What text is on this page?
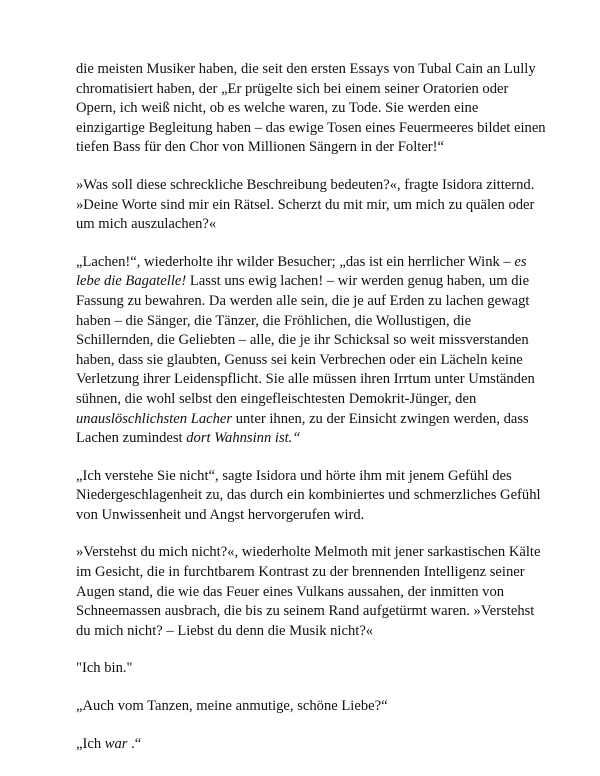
die meisten Musiker haben, die seit den ersten Essays von Tubal Cain an Lully chromatisiert haben, der „Er prügelte sich bei einem seiner Oratorien oder Opern, ich weiß nicht, ob es welche waren, zu Tode. Sie werden eine einzigartige Begleitung haben – das ewige Tosen eines Feuermeeres bildet einen tiefen Bass für den Chor von Millionen Sängern in der Folter!“

»Was soll diese schreckliche Beschreibung bedeuten?«, fragte Isidora zitternd. »Deine Worte sind mir ein Rätsel. Scherzt du mit mir, um mich zu quälen oder um mich auszulachen?«

„Lachen!“, wiederholte ihr wilder Besucher; „das ist ein herrlicher Wink – es lebe die Bagatelle! Lasst uns ewig lachen! – wir werden genug haben, um die Fassung zu bewahren. Da werden alle sein, die je auf Erden zu lachen gewagt haben – die Sänger, die Tänzer, die Fröhlichen, die Wollustigen, die Schillernden, die Geliebten – alle, die je ihr Schicksal so weit missverstanden haben, dass sie glaubten, Genuss sei kein Verbrechen oder ein Lächeln keine Verletzung ihrer Leidenspflicht. Sie alle müssen ihren Irrtum unter Umständen sühnen, die wohl selbst den eingefleischtesten Demokrit-Jünger, den unauslöschlichsten Lacher unter ihnen, zu der Einsicht zwingen werden, dass Lachen zumindest dort Wahnsinn ist.“

„Ich verstehe Sie nicht“, sagte Isidora und hörte ihm mit jenem Gefühl des Niedergeschlagenheit zu, das durch ein kombiniertes und schmerzliches Gefühl von Unwissenheit und Angst hervorgerufen wird.

»Verstehst du mich nicht?«, wiederholte Melmoth mit jener sarkastischen Kälte im Gesicht, die in furchtbarem Kontrast zu der brennenden Intelligenz seiner Augen stand, die wie das Feuer eines Vulkans aussahen, der inmitten von Schneemassen ausbrach, die bis zu seinem Rand aufgetürmt waren. »Verstehst du mich nicht? – Liebst du denn die Musik nicht?«

"Ich bin."

„Auch vom Tanzen, meine anmutige, schöne Liebe?“

„Ich war .“
